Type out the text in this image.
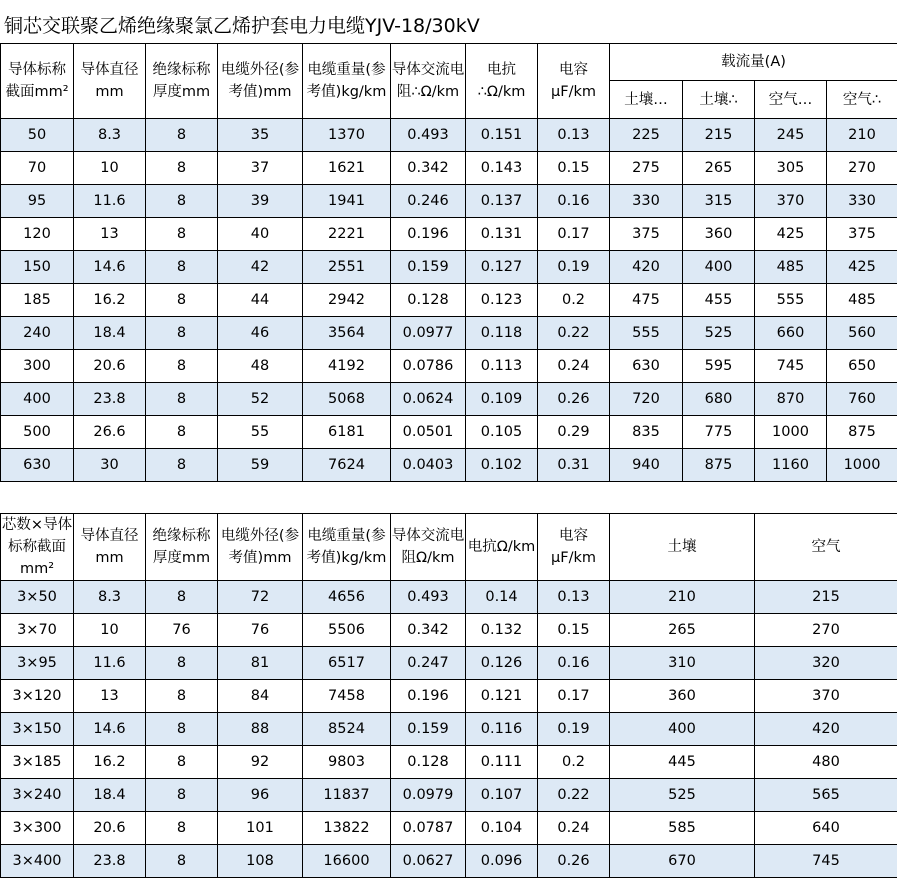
铜芯交联聚乙烯绝缘聚氯乙烯护套电力电缆YJV-18/30kV
导体标称截面mm²	导体直径mm	绝缘标称厚度mm	电缆外径(参考值)mm	电缆重量(参考值)kg/km	导体交流电阻∴Ω/km	电抗∴Ω/km	电容μF/km	载流量(A)			
								土壤…	土壤∴	空气…	空气∴
50	8.3	8	35	1370	0.493	0.151	0.13	225	215	245	210
70	10	8	37	1621	0.342	0.143	0.15	275	265	305	270
95	11.6	8	39	1941	0.246	0.137	0.16	330	315	370	330
120	13	8	40	2221	0.196	0.131	0.17	375	360	425	375
150	14.6	8	42	2551	0.159	0.127	0.19	420	400	485	425
185	16.2	8	44	2942	0.128	0.123	0.2	475	455	555	485
240	18.4	8	46	3564	0.0977	0.118	0.22	555	525	660	560
300	20.6	8	48	4192	0.0786	0.113	0.24	630	595	745	650
400	23.8	8	52	5068	0.0624	0.109	0.26	720	680	870	760
500	26.6	8	55	6181	0.0501	0.105	0.29	835	775	1000	875
630	30	8	59	7624	0.0403	0.102	0.31	940	875	1160	1000
芯数×导体标称截面mm²	导体直径mm	绝缘标称厚度mm	电缆外径(参考值)mm	电缆重量(参考值)kg/km	导体交流电阻Ω/km	电抗Ω/km	电容μF/km	土壤	空气
3×50	8.3	8	72	4656	0.493	0.14	0.13	210	215
3×70	10	76	76	5506	0.342	0.132	0.15	265	270
3×95	11.6	8	81	6517	0.247	0.126	0.16	310	320
3×120	13	8	84	7458	0.196	0.121	0.17	360	370
3×150	14.6	8	88	8524	0.159	0.116	0.19	400	420
3×185	16.2	8	92	9803	0.128	0.111	0.2	445	480
3×240	18.4	8	96	11837	0.0979	0.107	0.22	525	565
3×300	20.6	8	101	13822	0.0787	0.104	0.24	585	640
3×400	23.8	8	108	16600	0.0627	0.096	0.26	670	745
